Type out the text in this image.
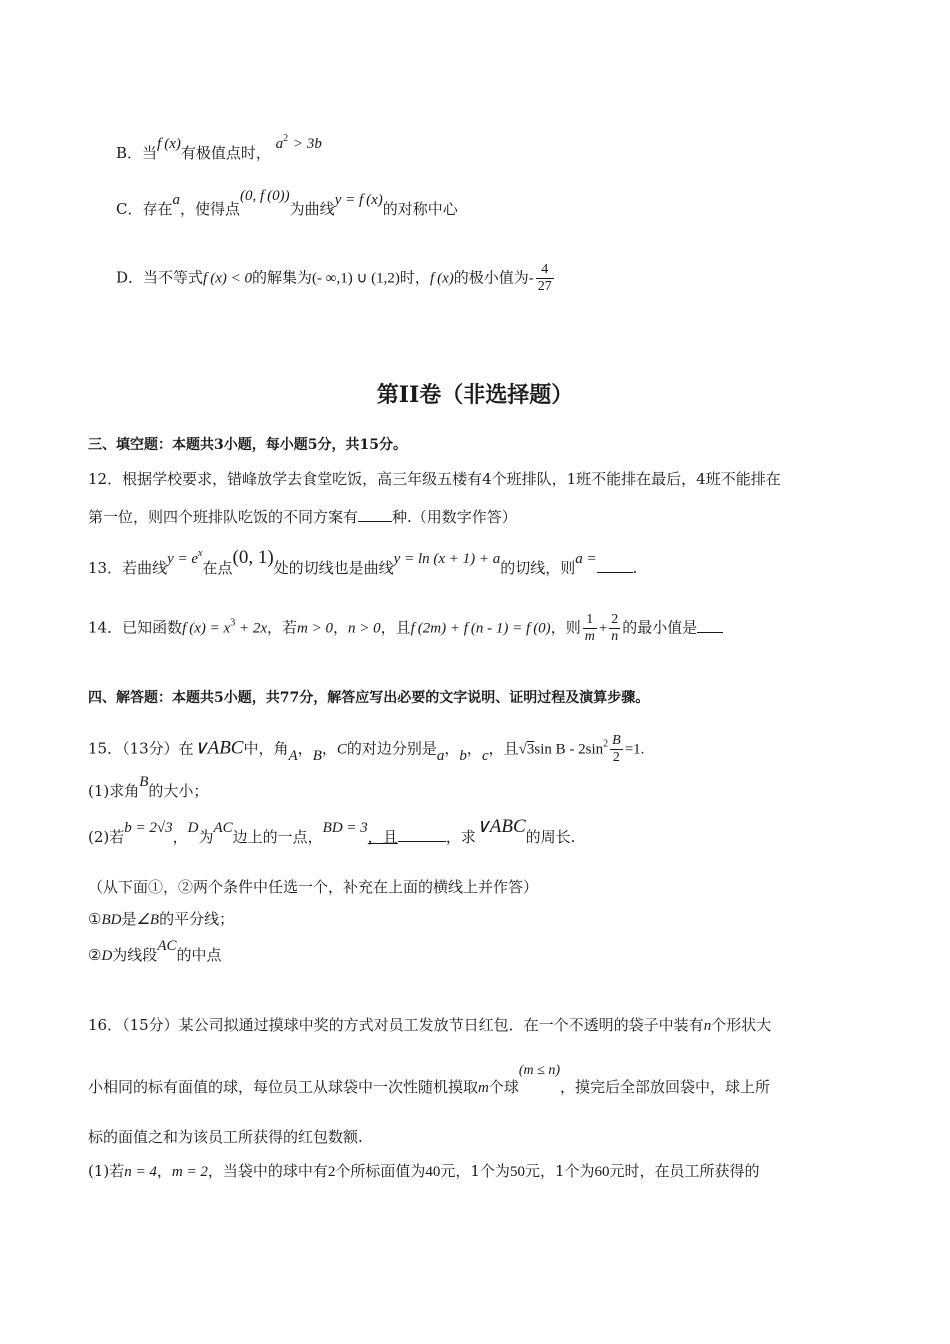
B．当f (x)有极值点时， $a^2 > 3b$
C．存在a，使得点(0, f (0))为曲线y = f (x)的对称中心
D．当不等式f (x) < 0的解集为(- ∞,1) ∪ (1,2)时，f (x)的极小值为- $\frac{4}{27}$
第II卷（非选择题）
三、填空题：本题共3小题，每小题5分，共15分。
12．根据学校要求，错峰放学去食堂吃饭，高三年级五楼有4个班排队，1班不能排在最后，4班不能排在
第一位，则四个班排队吃饭的不同方案有 种.（用数字作答）
13．若曲线$y = e^x$在点(0, 1)处的切线也是曲线y = ln (x + 1) + a的切线，则a = .
14．已知函数f $(x) = x^3 + 2x$，若m > 0，n > 0，且f (2m) + f (n - 1) = f (0)，则 $\frac{1}{m} + \frac{2}{n}$ 的最小值是
四、解答题：本题共5小题，共77分，解答应写出必要的文字说明、证明过程及演算步骤。
15．（13分）在∨ABC中，角A，B，C的对边分别是a，b，c，且√3sin $B - 2\sin^2 \frac{B}{2} =1$.
(1)求角B的大小；
(2)若b = 2√3，D为AC边上的一点，BD = 3，且	，求∨ABC的周长.
（从下面①，②两个条件中任选一个，补充在上面的横线上并作答）
①BD是∠B的平分线；
②D为线段AC的中点
16．（15分）某公司拟通过摸球中奖的方式对员工发放节日红包．在一个不透明的袋子中装有n个形状大
小相同的标有面值的球，每位员工从球袋中一次性随机摸取m个球(m ≤ n)，摸完后全部放回袋中，球上所
标的面值之和为该员工所获得的红包数额.
(1)若n = 4，m = 2，当袋中的球中有2个所标面值为40元，1个为50元，1个为60元时，在员工所获得的
